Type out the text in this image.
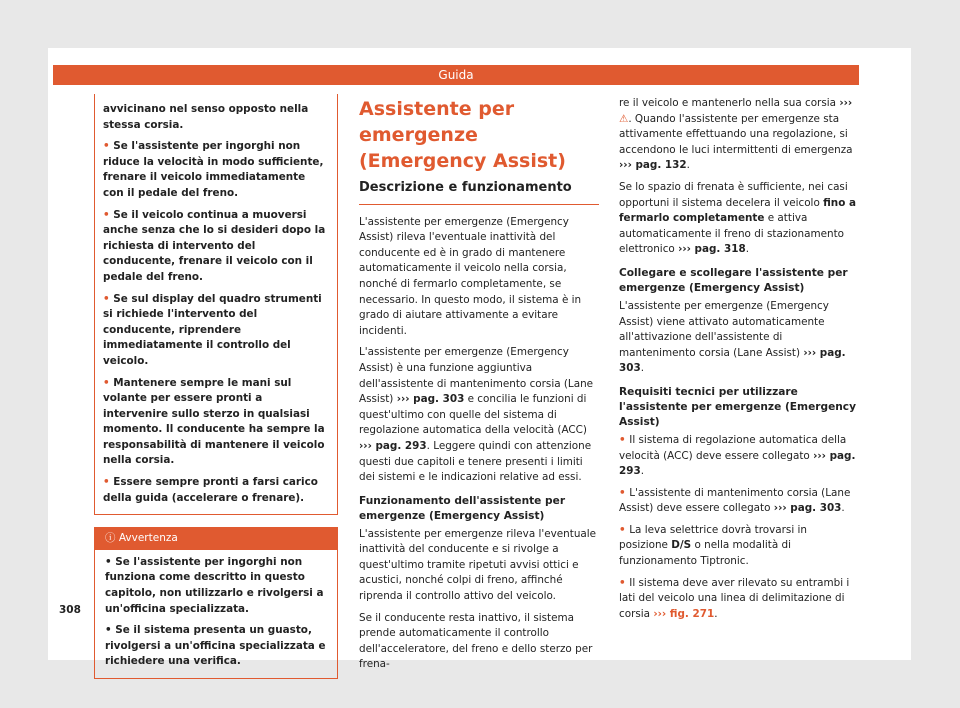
Guida

avvicinano nel senso opposto nella stessa corsia.

• Se l'assistente per ingorghi non riduce la velocità in modo sufficiente, frenare il veicolo immediatamente con il pedale del freno.

• Se il veicolo continua a muoversi anche senza che lo si desideri dopo la richiesta di intervento del conducente, frenare il veicolo con il pedale del freno.

• Se sul display del quadro strumenti si richiede l'intervento del conducente, riprendere immediatamente il controllo del veicolo.

• Mantenere sempre le mani sul volante per essere pronti a intervenire sullo sterzo in qualsiasi momento. Il conducente ha sempre la responsabilità di mantenere il veicolo nella corsia.

• Essere sempre pronti a farsi carico della guida (accelerare o frenare).

ⓘ Avvertenza

• Se l'assistente per ingorghi non funziona come descritto in questo capitolo, non utilizzarlo e rivolgersi a un'officina specializzata.

• Se il sistema presenta un guasto, rivolgersi a un'officina specializzata e richiedere una verifica.

Assistente per emergenze (Emergency Assist)
Descrizione e funzionamento

L'assistente per emergenze (Emergency Assist) rileva l'eventuale inattività del conducente ed è in grado di mantenere automaticamente il veicolo nella corsia, nonché di fermarlo completamente, se necessario. In questo modo, il sistema è in grado di aiutare attivamente a evitare incidenti.

L'assistente per emergenze (Emergency Assist) è una funzione aggiuntiva dell'assistente di mantenimento corsia (Lane Assist) ››› pag. 303 e concilia le funzioni di quest'ultimo con quelle del sistema di regolazione automatica della velocità (ACC) ››› pag. 293. Leggere quindi con attenzione questi due capitoli e tenere presenti i limiti dei sistemi e le indicazioni relative ad essi.

Funzionamento dell'assistente per emergenze (Emergency Assist)

L'assistente per emergenze rileva l'eventuale inattività del conducente e si rivolge a quest'ultimo tramite ripetuti avvisi ottici e acustici, nonché colpi di freno, affinché riprenda il controllo attivo del veicolo.

Se il conducente resta inattivo, il sistema prende automaticamente il controllo dell'acceleratore, del freno e dello sterzo per frena-

re il veicolo e mantenerlo nella sua corsia ››› ⚠. Quando l'assistente per emergenze sta attivamente effettuando una regolazione, si accendono le luci intermittenti di emergenza ››› pag. 132.

Se lo spazio di frenata è sufficiente, nei casi opportuni il sistema decelera il veicolo fino a fermarlo completamente e attiva automaticamente il freno di stazionamento elettronico ››› pag. 318.

Collegare e scollegare l'assistente per emergenze (Emergency Assist)

L'assistente per emergenze (Emergency Assist) viene attivato automaticamente all'attivazione dell'assistente di mantenimento corsia (Lane Assist) ››› pag. 303.

Requisiti tecnici per utilizzare l'assistente per emergenze (Emergency Assist)

• Il sistema di regolazione automatica della velocità (ACC) deve essere collegato ››› pag. 293.

• L'assistente di mantenimento corsia (Lane Assist) deve essere collegato ››› pag. 303.

• La leva selettrice dovrà trovarsi in posizione D/S o nella modalità di funzionamento Tiptronic.

• Il sistema deve aver rilevato su entrambi i lati del veicolo una linea di delimitazione di corsia ››› fig. 271.

308
